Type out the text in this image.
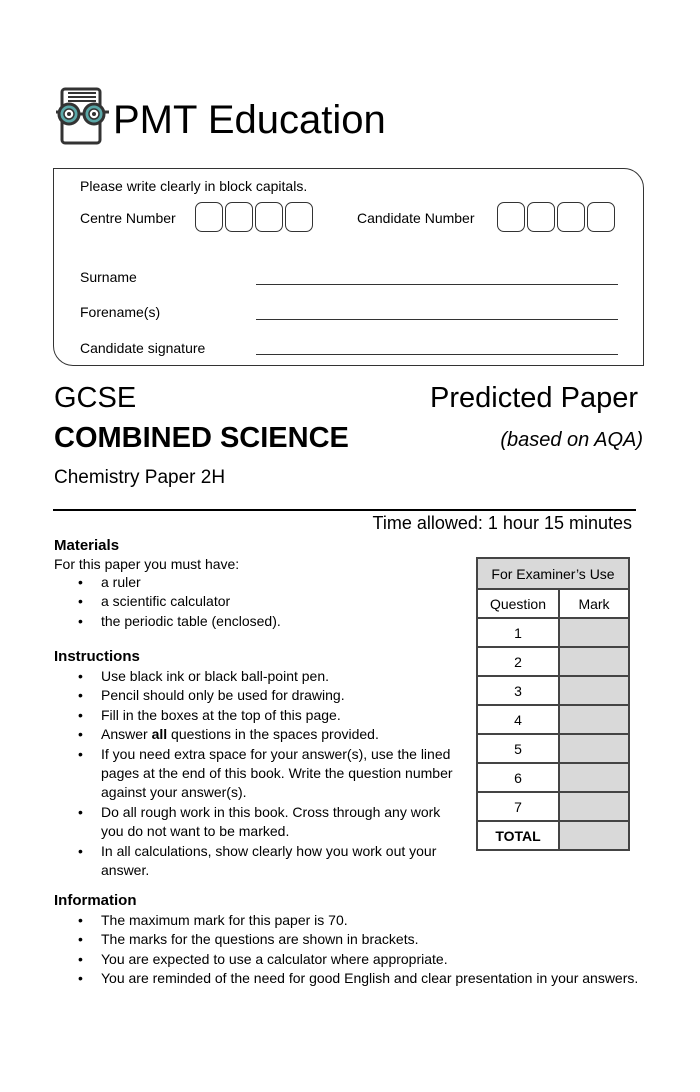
PMT Education
Please write clearly in block capitals.
Centre Number	Candidate Number
Surname
Forename(s)
Candidate signature
GCSE	Predicted Paper
COMBINED SCIENCE	(based on AQA)
Chemistry Paper 2H
Time allowed: 1 hour 15 minutes
Materials
For this paper you must have:
• a ruler
• a scientific calculator
• the periodic table (enclosed).
Instructions
• Use black ink or black ball-point pen.
• Pencil should only be used for drawing.
• Fill in the boxes at the top of this page.
• Answer all questions in the spaces provided.
• If you need extra space for your answer(s), use the lined pages at the end of this book. Write the question number against your answer(s).
• Do all rough work in this book. Cross through any work you do not want to be marked.
• In all calculations, show clearly how you work out your answer.
For Examiner’s Use	
Question	Mark
1	
2	
3	
4	
5	
6	
7	
TOTAL	
Information
• The maximum mark for this paper is 70.
• The marks for the questions are shown in brackets.
• You are expected to use a calculator where appropriate.
• You are reminded of the need for good English and clear presentation in your answers.
